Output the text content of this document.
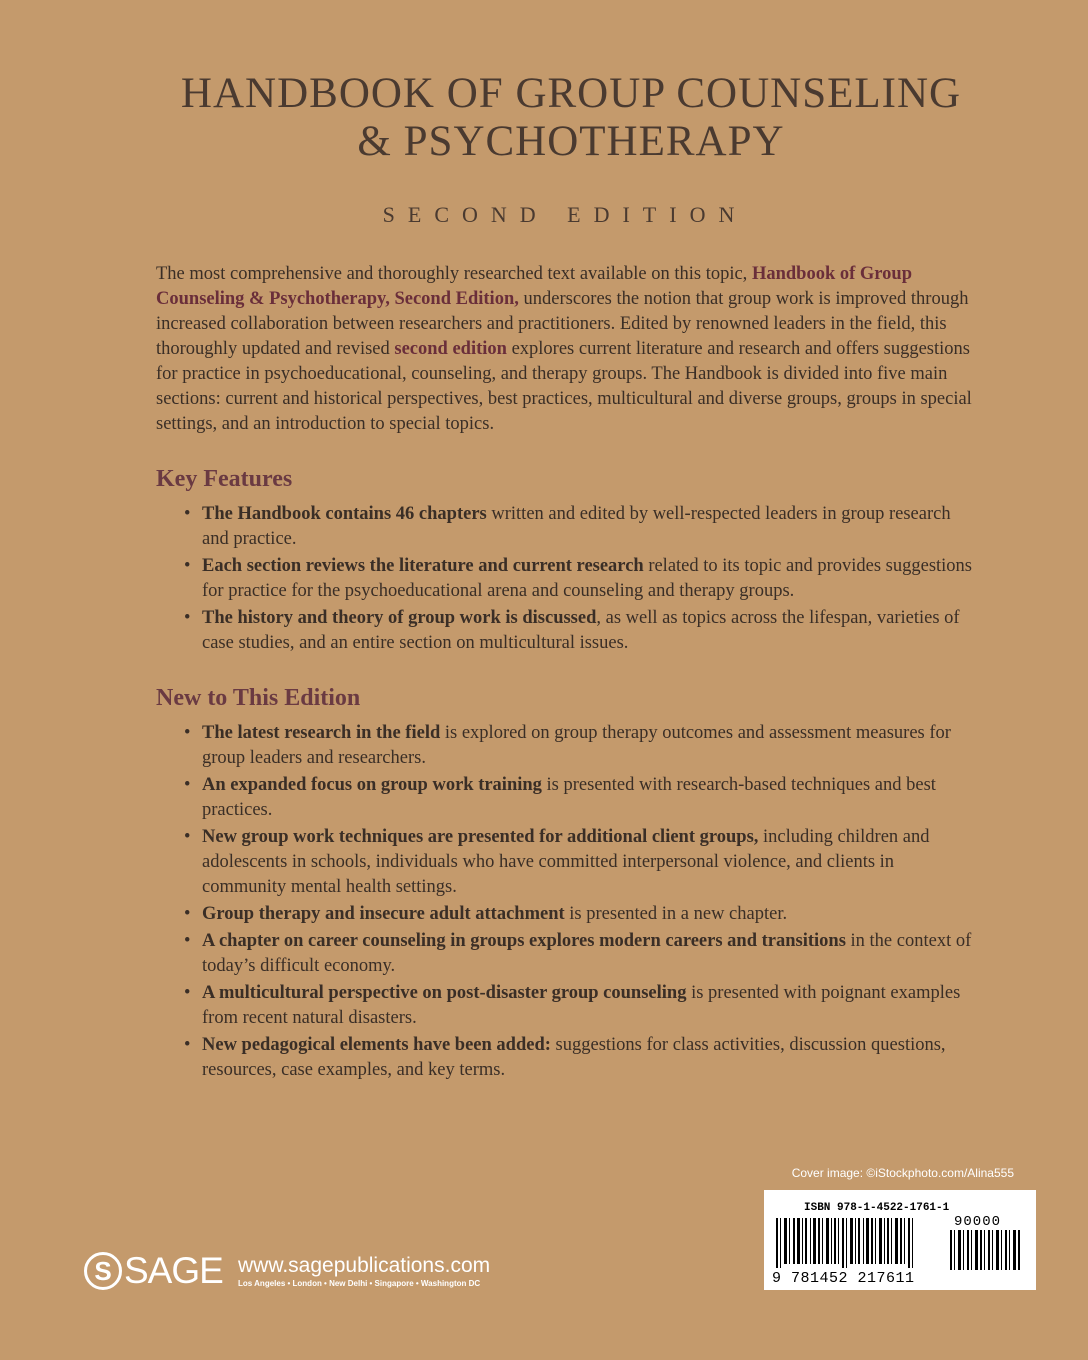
HANDBOOK OF GROUP COUNSELING
& PSYCHOTHERAPY
SECOND EDITION

The most comprehensive and thoroughly researched text available on this topic, Handbook of Group Counseling & Psychotherapy, Second Edition, underscores the notion that group work is improved through increased collaboration between researchers and practitioners. Edited by renowned leaders in the field, this thoroughly updated and revised second edition explores current literature and research and offers suggestions for practice in psychoeducational, counseling, and therapy groups. The Handbook is divided into five main sections: current and historical perspectives, best practices, multicultural and diverse groups, groups in special settings, and an introduction to special topics.

Key Features
• The Handbook contains 46 chapters written and edited by well-respected leaders in group research and practice.
• Each section reviews the literature and current research related to its topic and provides suggestions for practice for the psychoeducational arena and counseling and therapy groups.
• The history and theory of group work is discussed, as well as topics across the lifespan, varieties of case studies, and an entire section on multicultural issues.
New to This Edition
• The latest research in the field is explored on group therapy outcomes and assessment measures for group leaders and researchers.
• An expanded focus on group work training is presented with research-based techniques and best practices.
• New group work techniques are presented for additional client groups, including children and adolescents in schools, individuals who have committed interpersonal violence, and clients in community mental health settings.
• Group therapy and insecure adult attachment is presented in a new chapter.
• A chapter on career counseling in groups explores modern careers and transitions in the context of today’s difficult economy.
• A multicultural perspective on post-disaster group counseling is presented with poignant examples from recent natural disasters.
• New pedagogical elements have been added: suggestions for class activities, discussion questions, resources, case examples, and key terms.
Cover image: ©iStockphoto.com/Alina555
ISBN 978-1-4522-1761-1
90000
9 781452 217611
S SAGE www.sagepublications.com
Los Angeles • London • New Delhi • Singapore • Washington DC
